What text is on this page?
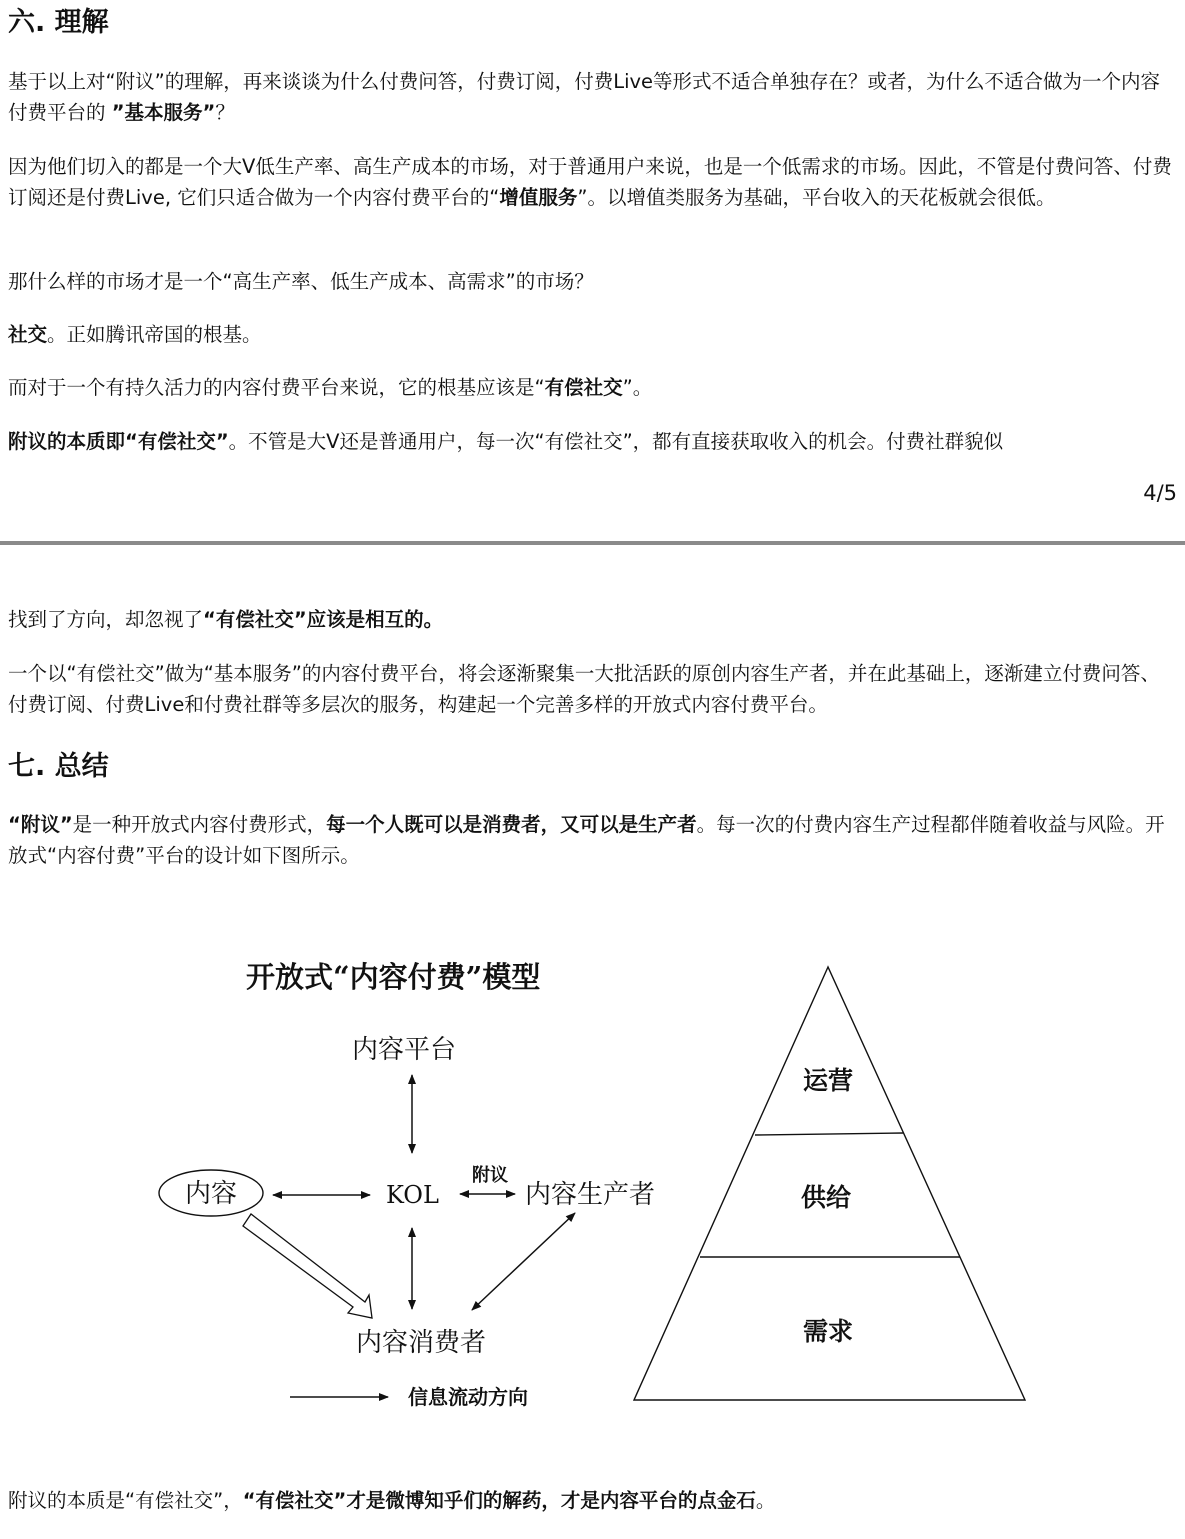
六. 理解

基于以上对“附议”的理解，再来谈谈为什么付费问答，付费订阅，付费Live等形式不适合单独存在？或者，为什么不适合做为一个内容付费平台的 ”基本服务”？

因为他们切入的都是一个大V低生产率、高生产成本的市场，对于普通用户来说，也是一个低需求的市场。因此，不管是付费问答、付费订阅还是付费Live, 它们只适合做为一个内容付费平台的“增值服务”。以增值类服务为基础，平台收入的天花板就会很低。

那什么样的市场才是一个“高生产率、低生产成本、高需求”的市场？

社交。正如腾讯帝国的根基。

而对于一个有持久活力的内容付费平台来说，它的根基应该是“有偿社交”。

附议的本质即“有偿社交”。不管是大V还是普通用户，每一次“有偿社交”，都有直接获取收入的机会。付费社群貌似

4/5

找到了方向，却忽视了“有偿社交”应该是相互的。

一个以“有偿社交”做为“基本服务”的内容付费平台，将会逐渐聚集一大批活跃的原创内容生产者，并在此基础上，逐渐建立付费问答、付费订阅、付费Live和付费社群等多层次的服务，构建起一个完善多样的开放式内容付费平台。

七. 总结

“附议”是一种开放式内容付费形式，每一个人既可以是消费者，又可以是生产者。每一次的付费内容生产过程都伴随着收益与风险。开放式“内容付费”平台的设计如下图所示。

开放式“内容付费”模型
内容平台
内容	KOL
附议
内容生产者
内容消费者
信息流动方向
运营
供给
需求

附议的本质是“有偿社交”，“有偿社交”才是微博知乎们的解药，才是内容平台的点金石。
